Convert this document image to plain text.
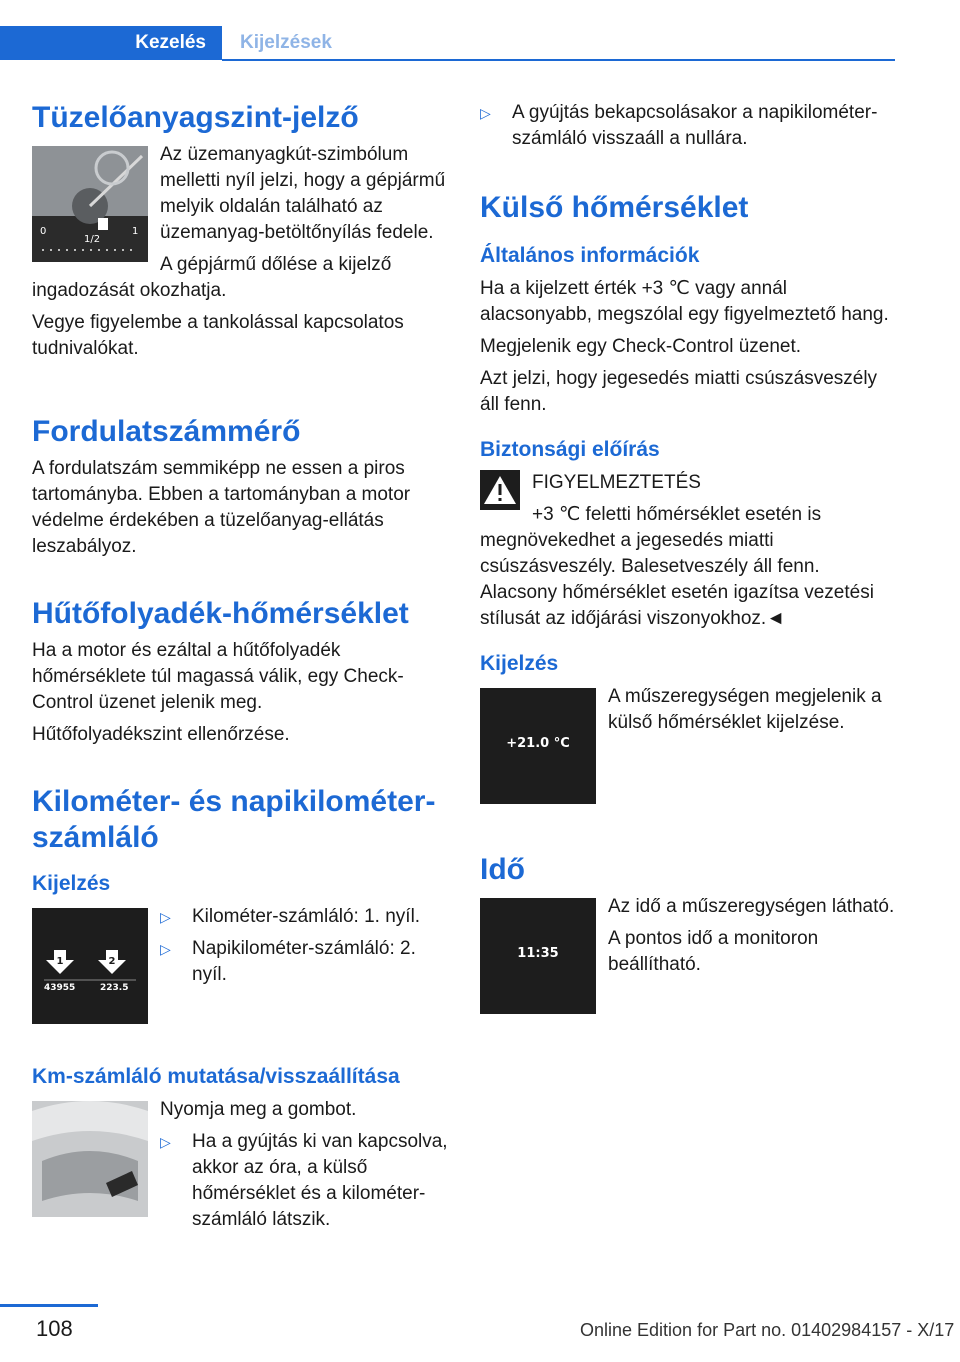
Kezelés	Kijelzések
Tüzelőanyagszint-jelző
0
1/2
1

Az üzemanyagkút-szimbólum melletti nyíl jelzi, hogy a gépjármű melyik oldalán található az üzemanyag-betöltőnyílás fedele.

A gépjármű dőlése a kijelző ingadozását okozhatja.

Vegye figyelembe a tankolással kapcsolatos tudnivalókat.

Fordulatszámmérő

A fordulatszám semmiképp ne essen a piros tartományba. Ebben a tartományban a motor védelme érdekében a tüzelőanyag-ellátás leszabályoz.

Hűtőfolyadék-hőmérséklet

Ha a motor és ezáltal a hűtőfolyadék hőmérséklete túl magassá válik, egy Check-Control üzenet jelenik meg.

Hűtőfolyadékszint ellenőrzése.

Kilométer- és napikilométer-számláló
Kijelzés
1	2
43955	223.5
▷	Kilométer-számláló: 1. nyíl.
▷	Napikilométer-számláló: 2. nyíl.
Km-számláló mutatása/visszaállítása

Nyomja meg a gombot.

▷	Ha a gyújtás ki van kapcsolva, akkor az óra, a külső hőmérséklet és a kilométer-számláló látszik.
▷	A gyújtás bekapcsolásakor a napikilométer-számláló visszaáll a nullára.
Külső hőmérséklet
Általános információk

Ha a kijelzett érték +3 ℃ vagy annál alacsonyabb, megszólal egy figyelmeztető hang.

Megjelenik egy Check-Control üzenet.

Azt jelzi, hogy jegesedés miatti csúszásveszély áll fenn.

Biztonsági előírás

FIGYELMEZTETÉS

+3 ℃ feletti hőmérséklet esetén is megnövekedhet a jegesedés miatti csúszásveszély. Balesetveszély áll fenn. Alacsony hőmérséklet esetén igazítsa vezetési stílusát az időjárási viszonyokhoz.◄

Kijelzés
+21.0 °C

A műszeregységen megjelenik a külső hőmérséklet kijelzése.

Idő
11:35

Az idő a műszeregységen látható.

A pontos idő a monitoron beállítható.

108	Online Edition for Part no. 01402984157 - X/17
